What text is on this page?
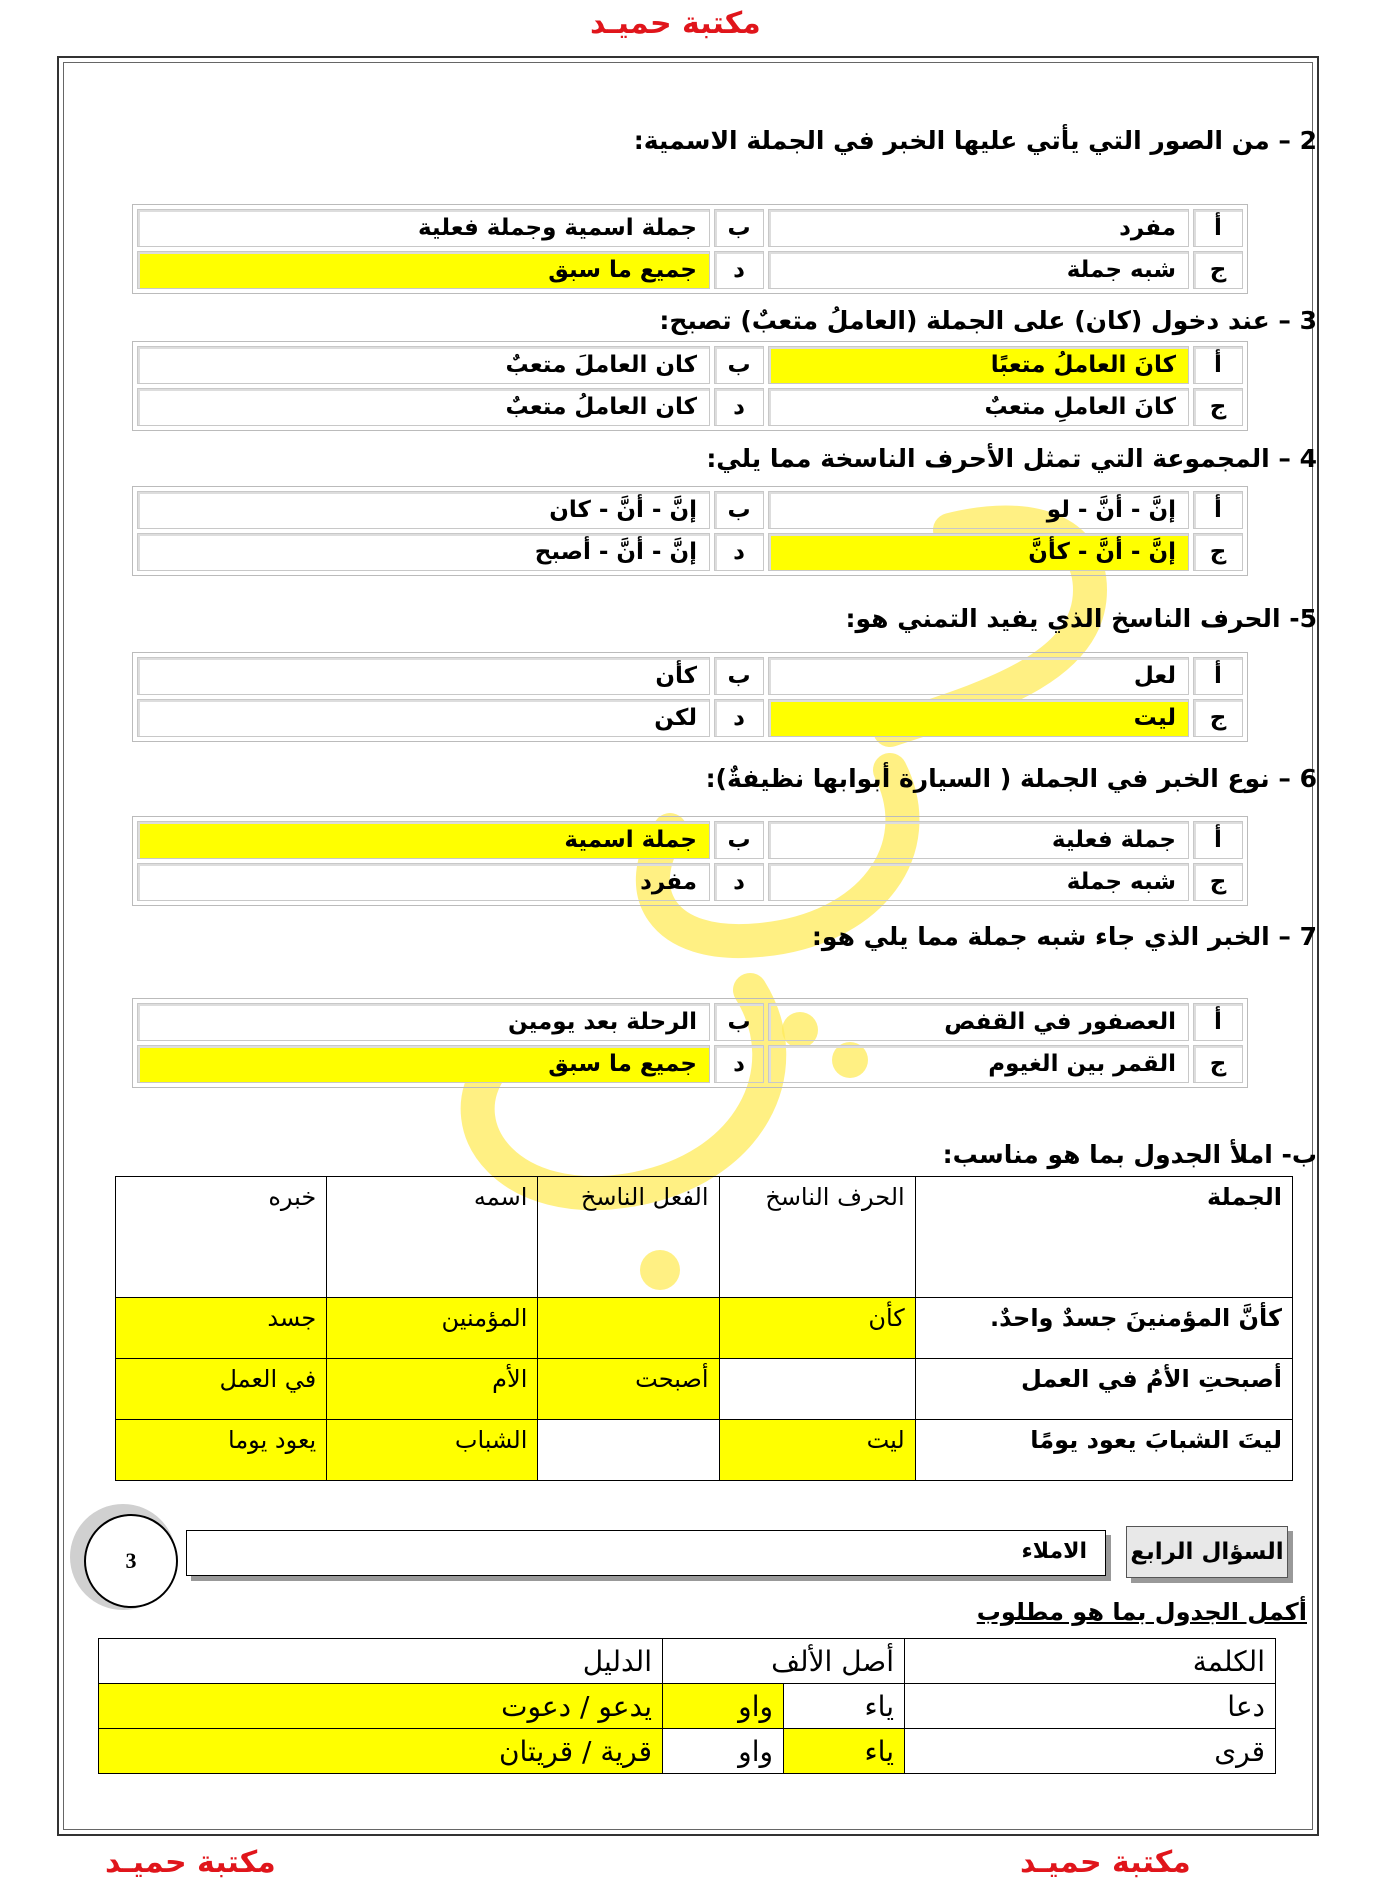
مكتبة حميـد
2 – من الصور التي يأتي عليها الخبر في الجملة الاسمية:
أ	مفرد	ب	جملة اسمية وجملة فعلية
ج	شبه جملة	د	جميع ما سبق
3 – عند دخول (كان) على الجملة (العاملُ متعبٌ) تصبح:
أ	كانَ العاملُ متعبًا	ب	كان العاملَ متعبٌ
ج	كانَ العاملِ متعبٌ	د	كان العاملُ متعبٌ
4 – المجموعة التي تمثل الأحرف الناسخة مما يلي:
أ	إنَّ - أنَّ - لو	ب	إنَّ - أنَّ - كان
ج	إنَّ - أنَّ - كأنَّ	د	إنَّ - أنَّ - أصبح
5- الحرف الناسخ الذي يفيد التمني هو:
أ	لعل	ب	كأن
ج	ليت	د	لكن
6 – نوع الخبر في الجملة ( السيارة أبوابها نظيفةٌ):
أ	جملة فعلية	ب	جملة اسمية
ج	شبه جملة	د	مفرد
7 – الخبر الذي جاء شبه جملة مما يلي هو:
أ	العصفور في القفص	ب	الرحلة بعد يومين
ج	القمر بين الغيوم	د	جميع ما سبق
ب- املأ الجدول بما هو مناسب:
الجملة	الحرف الناسخ	الفعل الناسخ	اسمه	خبره
كأنَّ المؤمنينَ جسدٌ واحدٌ.	كأن		المؤمنين	جسد
أصبحتِ الأمُ في العمل		أصبحت	الأم	في العمل
ليتَ الشبابَ يعود يومًا	ليت		الشباب	يعود يوما
3	الاملاء السؤال الرابع
أكمل الجدول بما هو مطلوب
الكلمة	أصل الألف		الدليل
دعا	ياء	واو	يدعو / دعوت
قرى	ياء	واو	قرية / قريتان
مكتبة حميـد	مكتبة حميـد
